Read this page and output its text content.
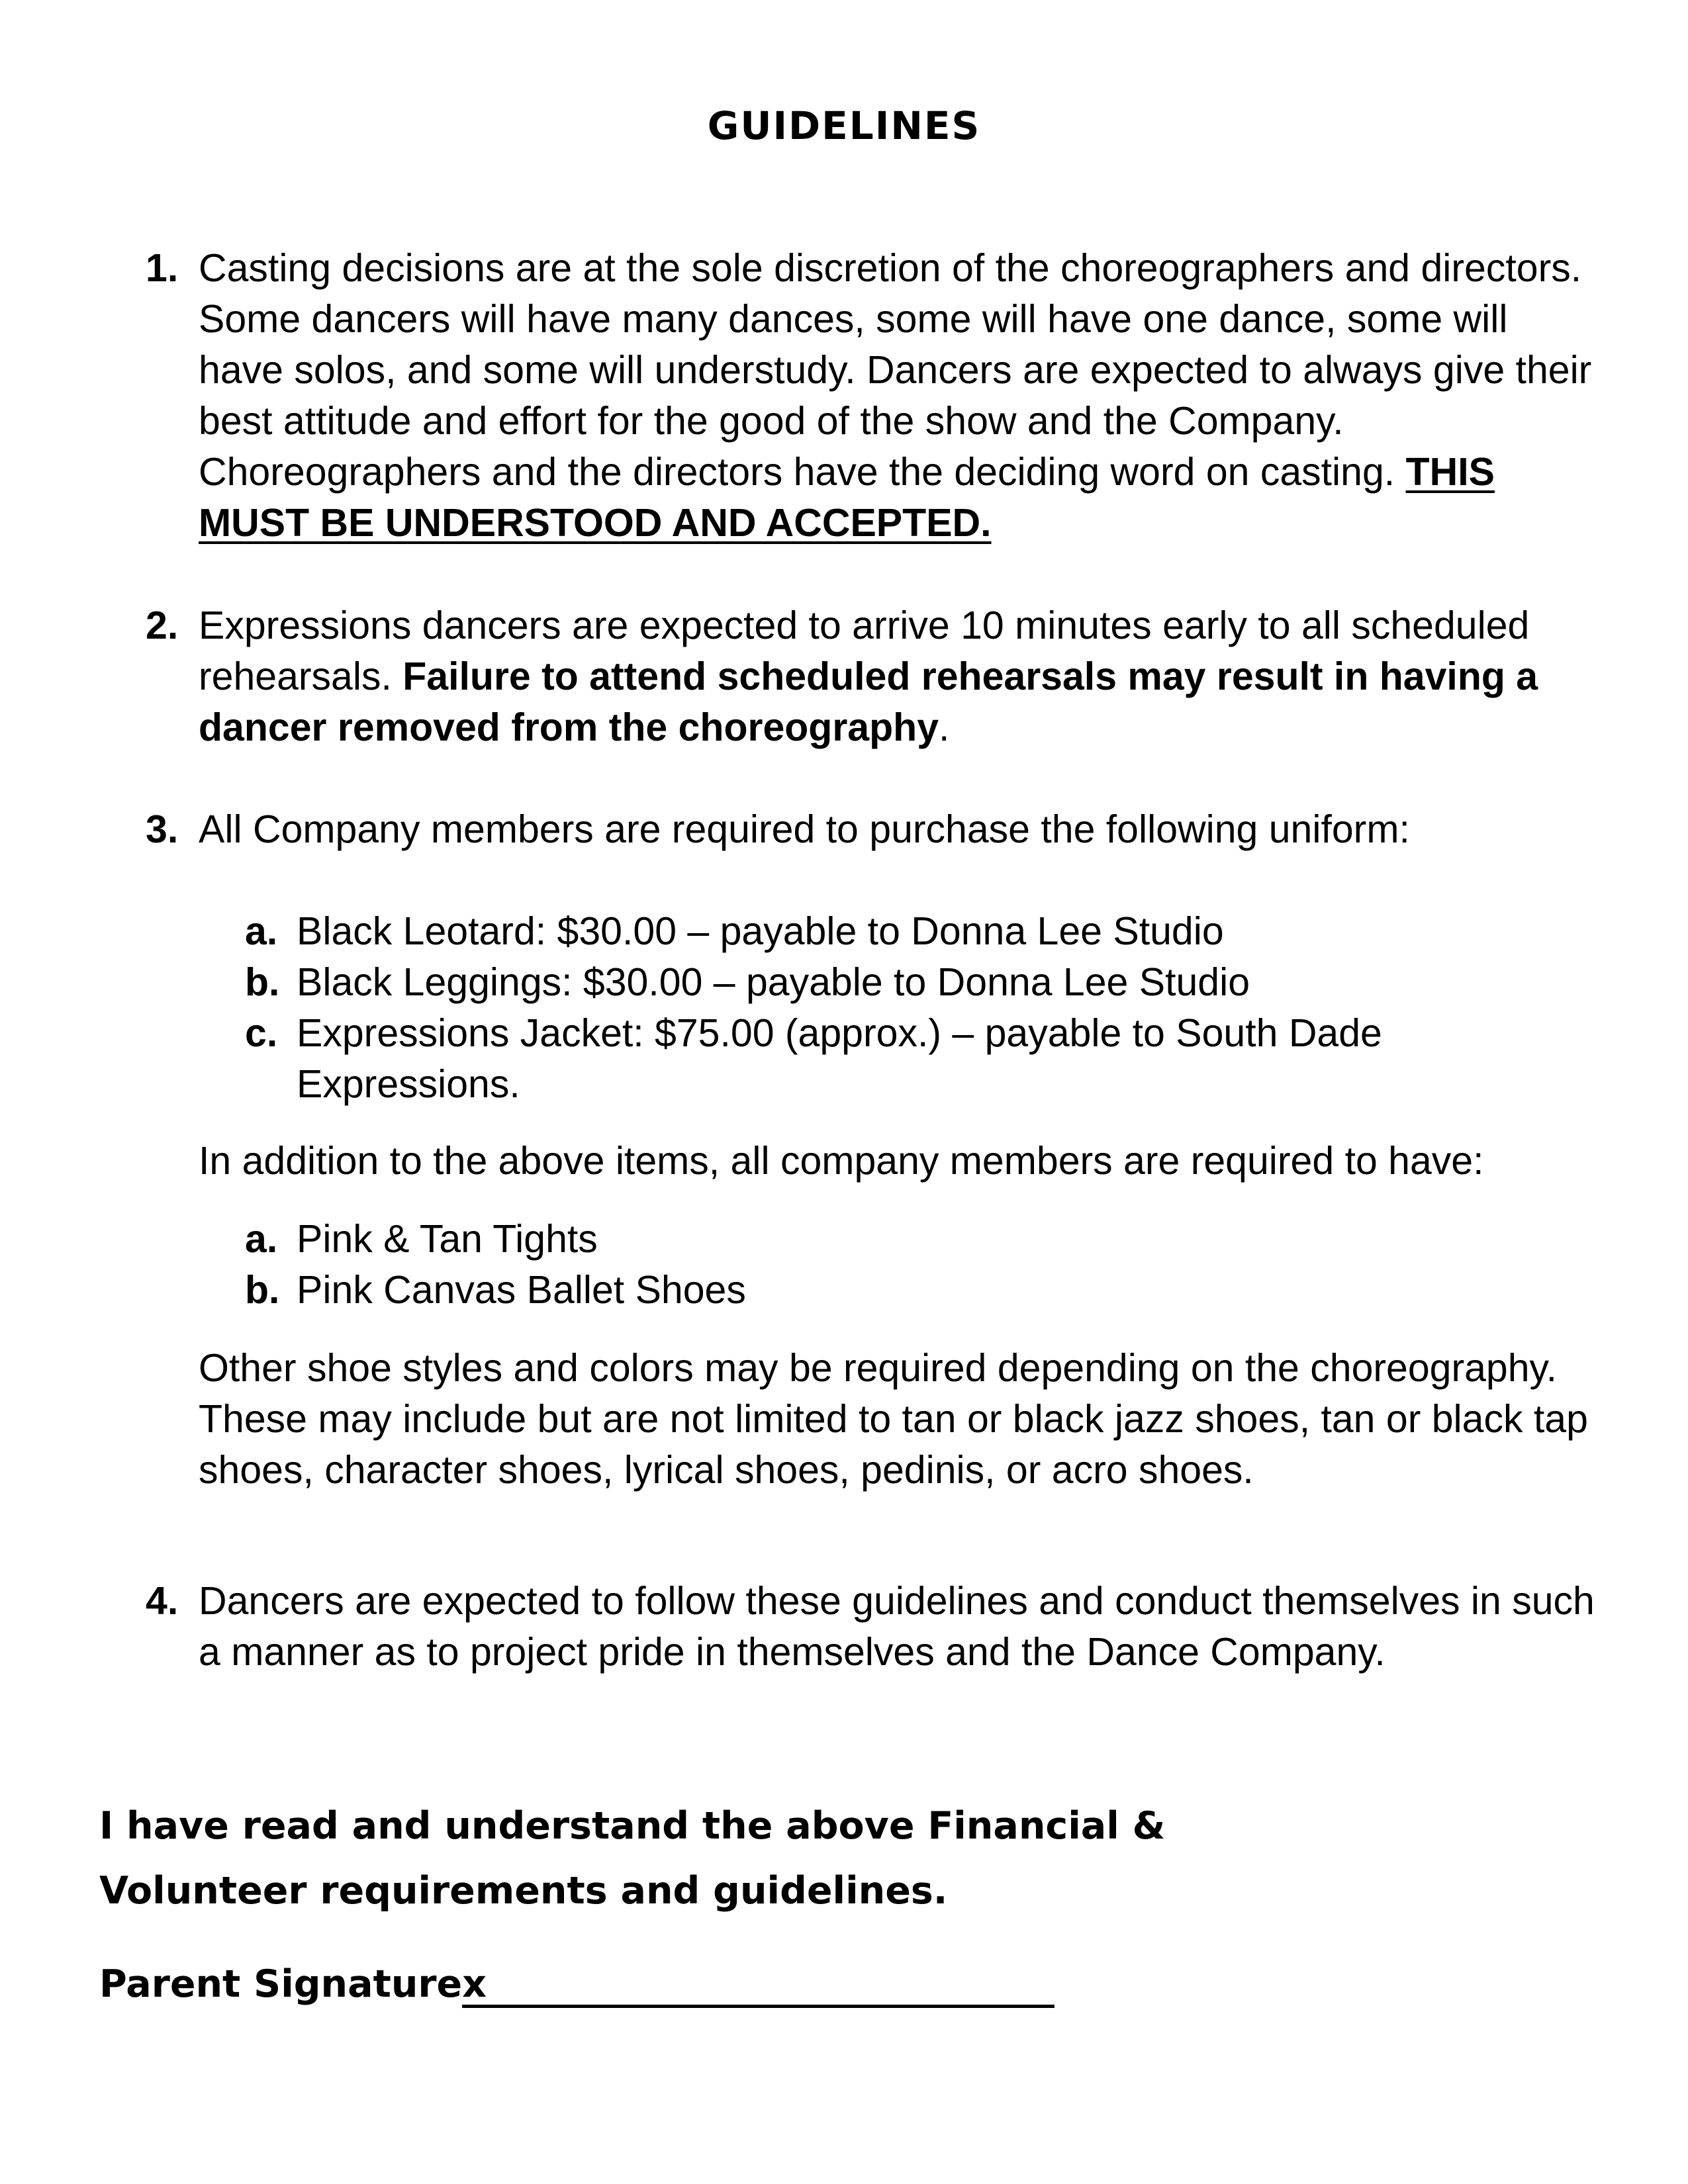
GUIDELINES
1. Casting decisions are at the sole discretion of the choreographers and directors. Some dancers will have many dances, some will have one dance, some will have solos, and some will understudy. Dancers are expected to always give their best attitude and effort for the good of the show and the Company. Choreographers and the directors have the deciding word on casting. THIS MUST BE UNDERSTOOD AND ACCEPTED.
2. Expressions dancers are expected to arrive 10 minutes early to all scheduled rehearsals. Failure to attend scheduled rehearsals may result in having a dancer removed from the choreography.
3. All Company members are required to purchase the following uniform:
a. Black Leotard: $30.00 – payable to Donna Lee Studio
b. Black Leggings: $30.00 – payable to Donna Lee Studio
c. Expressions Jacket: $75.00 (approx.) – payable to South Dade Expressions.
In addition to the above items, all company members are required to have:
a. Pink & Tan Tights
b. Pink Canvas Ballet Shoes
Other shoe styles and colors may be required depending on the choreography. These may include but are not limited to tan or black jazz shoes, tan or black tap shoes, character shoes, lyrical shoes, pedinis, or acro shoes.
4. Dancers are expected to follow these guidelines and conduct themselves in such a manner as to project pride in themselves and the Dance Company.
I have read and understand the above Financial & Volunteer requirements and guidelines.
Parent Signaturex
